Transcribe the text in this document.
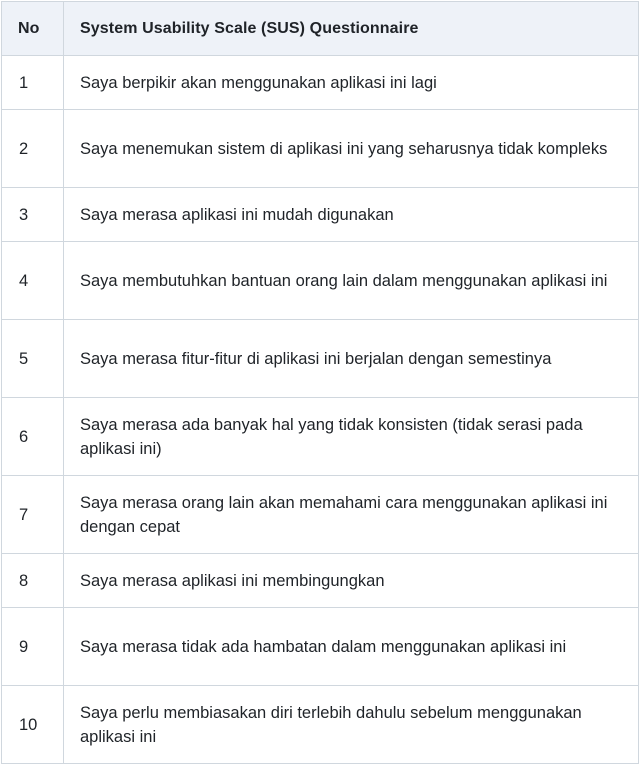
No	System Usability Scale (SUS) Questionnaire
1	Saya berpikir akan menggunakan aplikasi ini lagi
2	Saya menemukan sistem di aplikasi ini yang seharusnya tidak kompleks
3	Saya merasa aplikasi ini mudah digunakan
4	Saya membutuhkan bantuan orang lain dalam menggunakan aplikasi ini
5	Saya merasa fitur-fitur di aplikasi ini berjalan dengan semestinya
6	Saya merasa ada banyak hal yang tidak konsisten (tidak serasi pada aplikasi ini)
7	Saya merasa orang lain akan memahami cara menggunakan aplikasi ini dengan cepat
8	Saya merasa aplikasi ini membingungkan
9	Saya merasa tidak ada hambatan dalam menggunakan aplikasi ini
10	Saya perlu membiasakan diri terlebih dahulu sebelum menggunakan aplikasi ini
